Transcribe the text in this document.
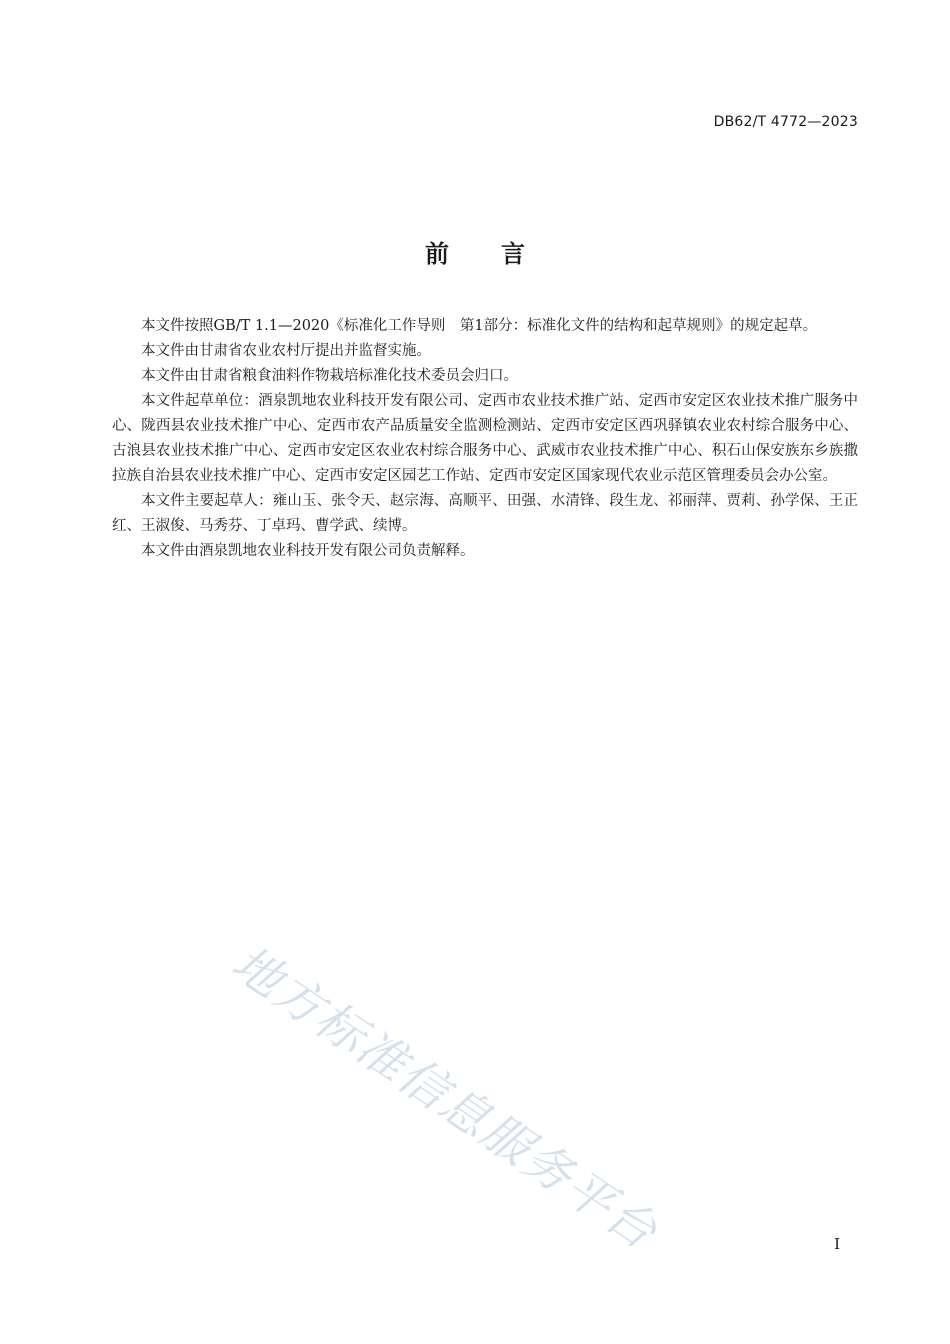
DB62/T 4772—2023
前 言

本文件按照GB/T 1.1—2020《标准化工作导则　第1部分：标准化文件的结构和起草规则》的规定起草。

本文件由甘肃省农业农村厅提出并监督实施。

本文件由甘肃省粮食油料作物栽培标准化技术委员会归口。

本文件起草单位：酒泉凯地农业科技开发有限公司、定西市农业技术推广站、定西市安定区农业技术推广服务中心、陇西县农业技术推广中心、定西市农产品质量安全监测检测站、定西市安定区西巩驿镇农业农村综合服务中心、古浪县农业技术推广中心、定西市安定区农业农村综合服务中心、武威市农业技术推广中心、积石山保安族东乡族撒拉族自治县农业技术推广中心、定西市安定区园艺工作站、定西市安定区国家现代农业示范区管理委员会办公室。

本文件主要起草人：雍山玉、张令天、赵宗海、高顺平、田强、水清锋、段生龙、祁丽萍、贾莉、孙学保、王正红、王淑俊、马秀芬、丁卓玛、曹学武、续博。

本文件由酒泉凯地农业科技开发有限公司负责解释。

地方标准信息服务平台	I
